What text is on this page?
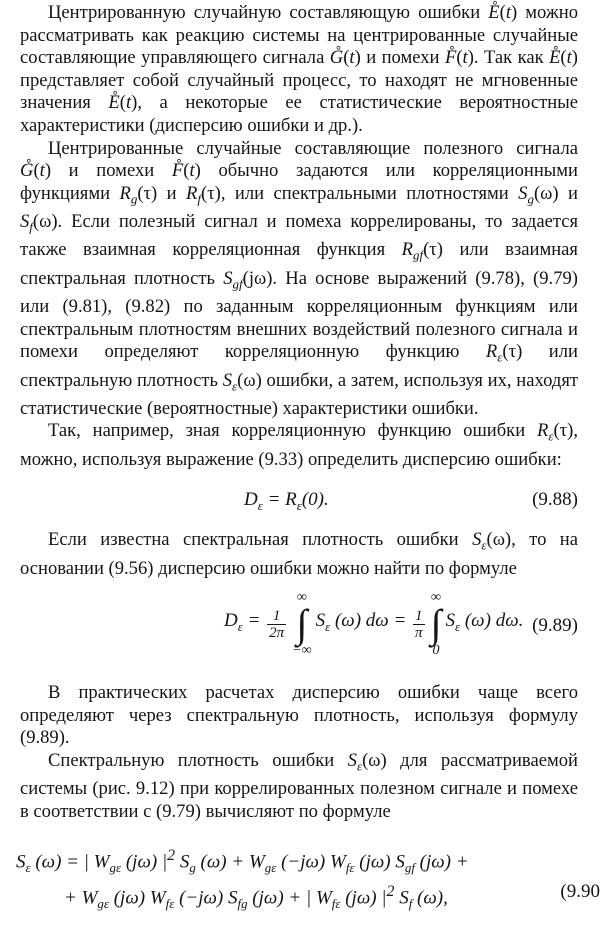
Центрированную случайную составляющую ошибки E̊(t) можно рассматривать как реакцию системы на центрированные случайные составляющие управляющего сигнала G̊(t) и помехи F̊(t). Так как E̊(t) представляет собой случайный процесс, то находят не мгновенные значения E̊(t), а некоторые ее статистические вероятностные характеристики (дисперсию ошибки и др.).

Центрированные случайные составляющие полезного сигнала G̊(t) и помехи F̊(t) обычно задаются или корреляционными функциями $R_g(\tau)$ и $R_f(\tau)$, или спектральными плотностями $S_g(\omega)$ и $S_f(\omega)$. Если полезный сигнал и помеха коррелированы, то задается также взаимная корреляционная функция $R_{gf}(\tau)$ или взаимная спектральная плотность $S_{gf}(j\omega)$. На основе выражений (9.78), (9.79) или (9.81), (9.82) по заданным корреляционным функциям или спектральным плотностям внешних воздействий полезного сигнала и помехи определяют корреляционную функцию $R_\varepsilon(\tau)$ или спектральную плотность $S_\varepsilon(\omega)$ ошибки, а затем, используя их, находят статистические (вероятностные) характеристики ошибки.

Так, например, зная корреляционную функцию ошибки $R_\varepsilon(\tau)$, можно, используя выражение (9.33) определить дисперсию ошибки:

$D_\varepsilon = R_\varepsilon(0)$.	(9.88)

Если известна спектральная плотность ошибки $S_\varepsilon(\omega)$, то на основании (9.56) дисперсию ошибки можно найти по формуле

$D_\varepsilon = \frac{1}{2\pi}$
∞
∫
−∞
$S_\varepsilon$ (ω) $d\omega = \frac{1}{\pi}$
∞
∫
0
$S_\varepsilon$ (ω) dω. (9.89)

В практических расчетах дисперсию ошибки чаще всего определяют через спектральную плотность, используя формулу (9.89).

Спектральную плотность ошибки $S_\varepsilon(\omega)$ для рассматриваемой системы (рис. 9.12) при коррелированных полезном сигнале и помехе в соответствии с (9.79) вычисляют по формуле

$S_\varepsilon$ (ω) = | $W_{g\varepsilon}$ (jω) $|^2$ $S_g$ $(\omega) + W_{g\varepsilon}$ (−jω) $W_{f\varepsilon}$ (jω) $S_{gf}$ (jω) +
+ $W_{g\varepsilon}$ (jω) $W_{f\varepsilon}$ (−jω) $S_{fg}$ (jω) + | $W_{f\varepsilon}$ (jω) $|^2$ $S_f$ (ω),	(9.90
